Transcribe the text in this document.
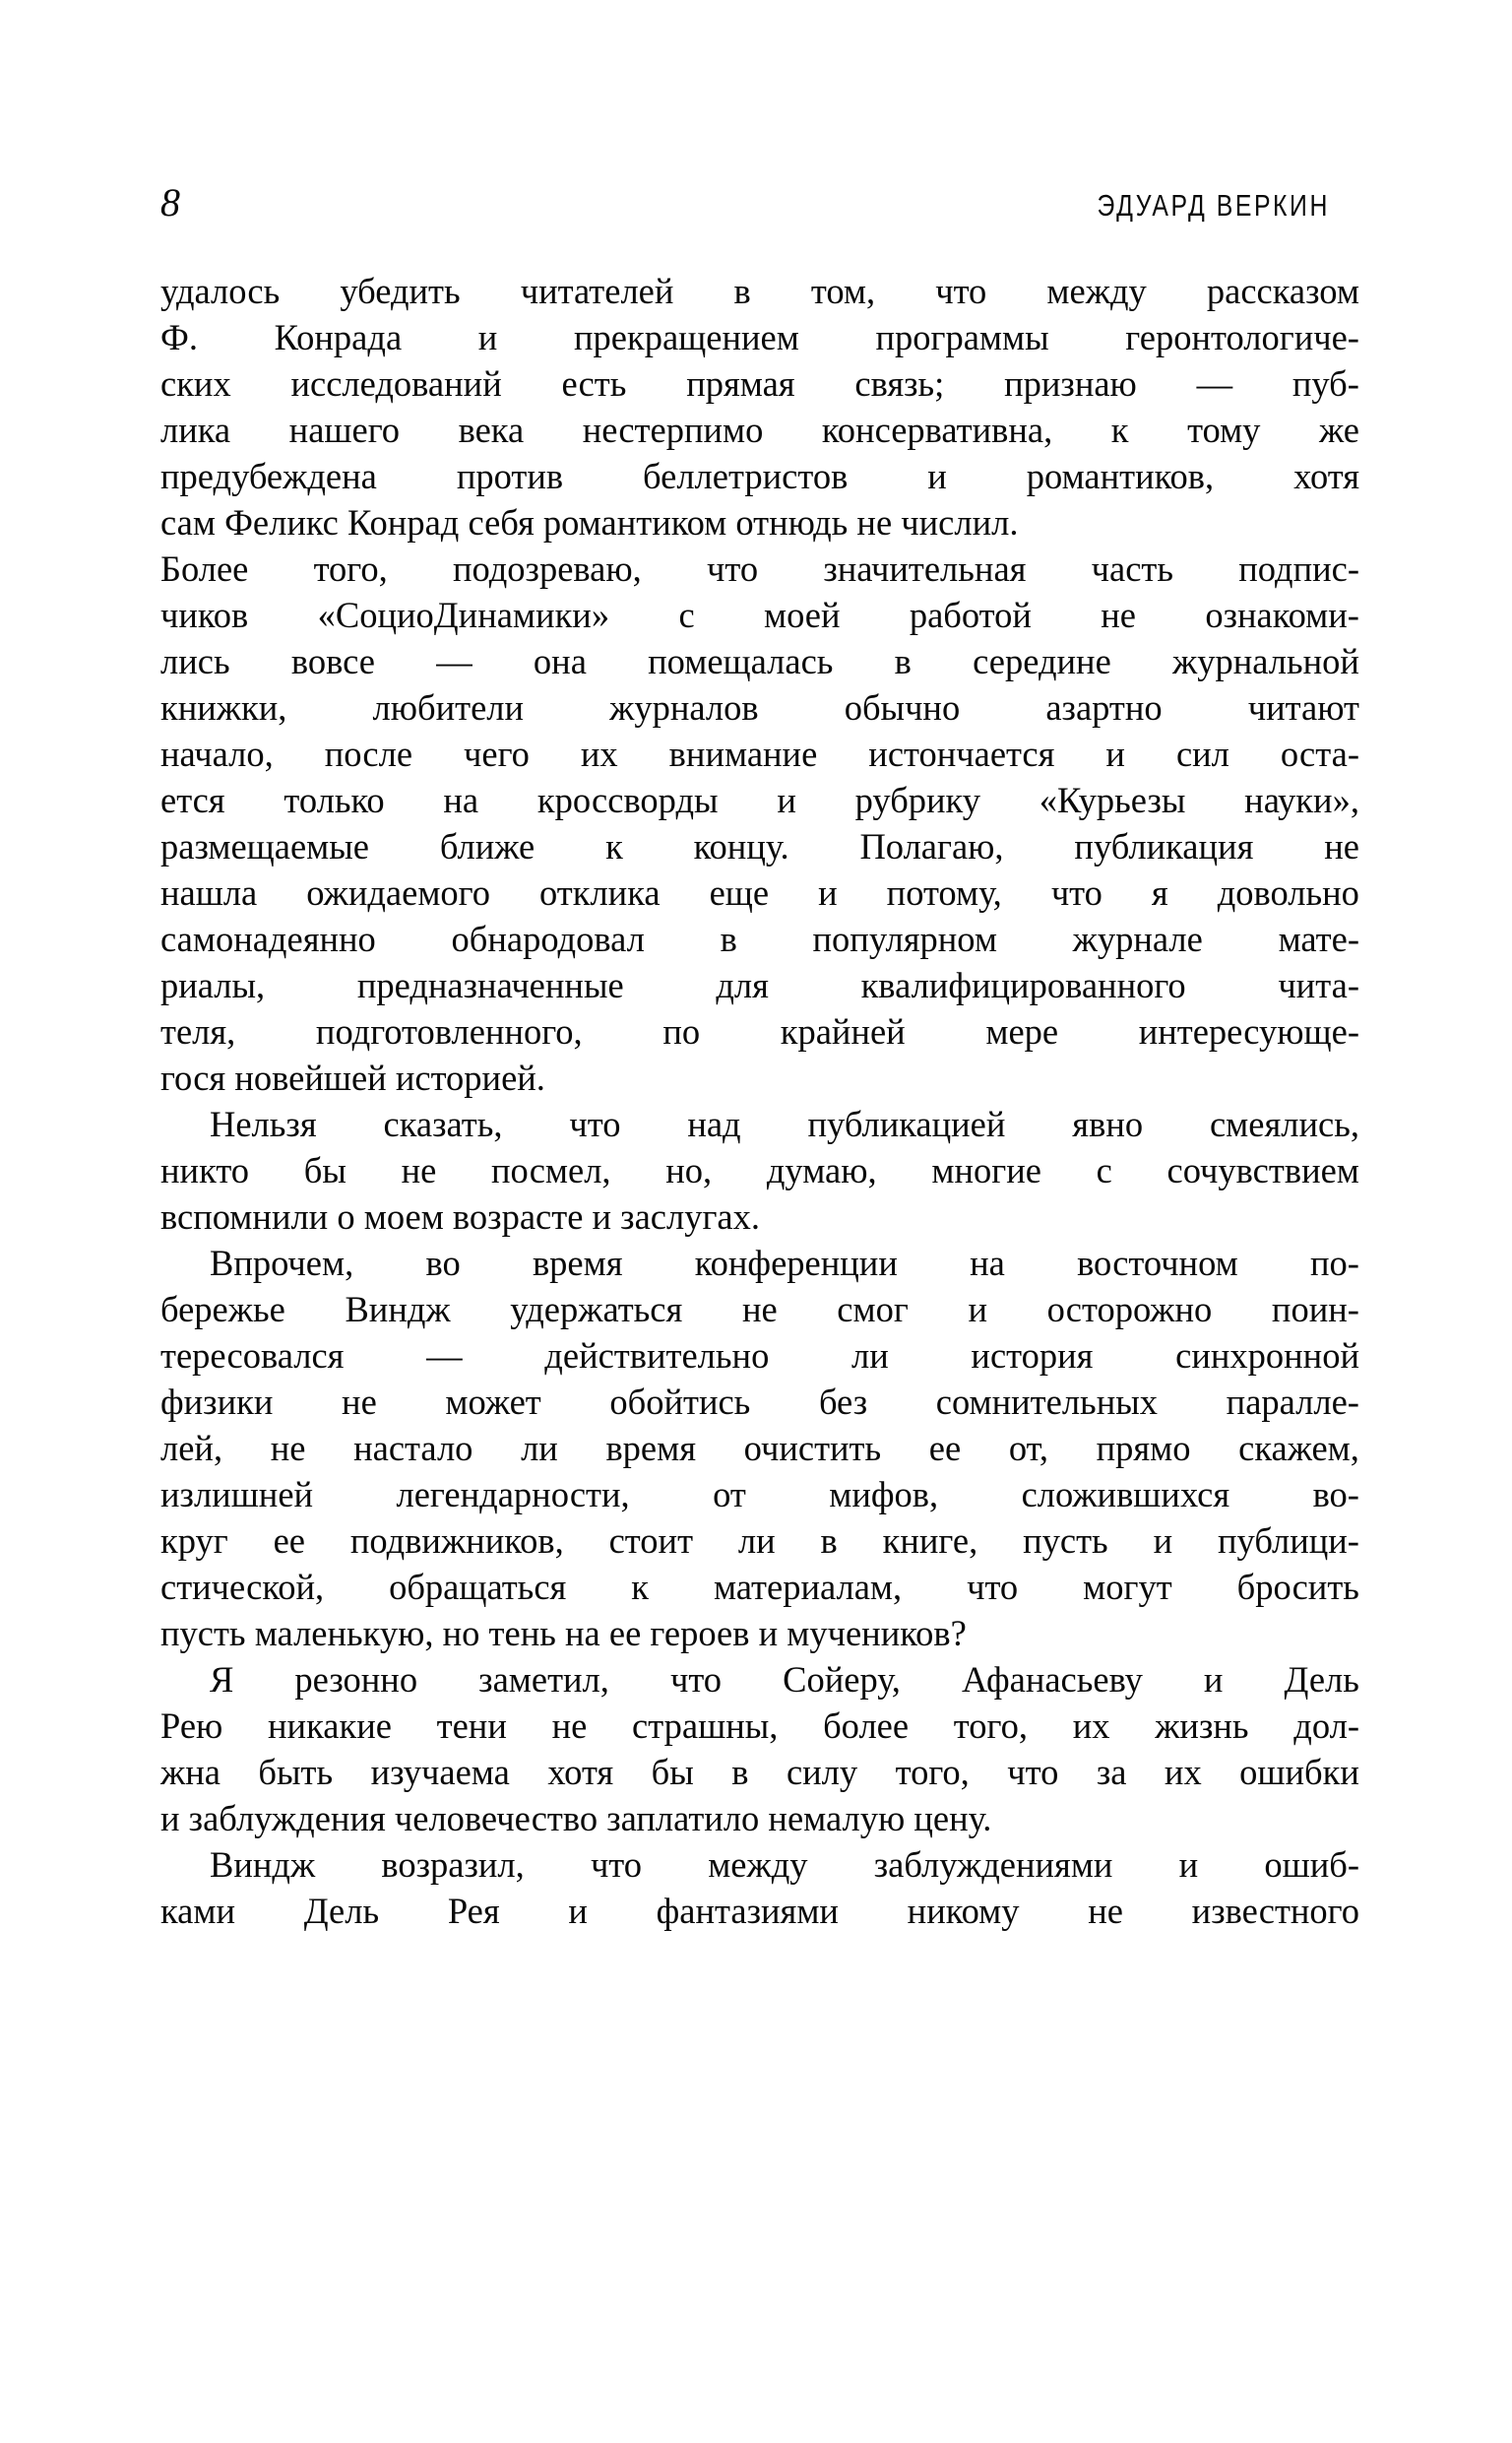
8	ЭДУАРД ВЕРКИН
удалось убедить читателей в том, что между рассказом
Ф. Конрада и прекращением программы геронтологиче-
ских исследований есть прямая связь; признаю — пуб-
лика нашего века нестерпимо консервативна, к тому же
предубеждена против беллетристов и романтиков, хотя
сам Феликс Конрад себя романтиком отнюдь не числил.
Более того, подозреваю, что значительная часть подпис-
чиков «СоциоДинамики» с моей работой не ознакоми-
лись вовсе — она помещалась в середине журнальной
книжки, любители журналов обычно азартно читают
начало, после чего их внимание истончается и сил оста-
ется только на кроссворды и рубрику «Курьезы науки»,
размещаемые ближе к концу. Полагаю, публикация не
нашла ожидаемого отклика еще и потому, что я довольно
самонадеянно обнародовал в популярном журнале мате-
риалы,	предназначенные	для	квалифицированного	чита-
теля, подготовленного, по крайней мере интересующе-
гося новейшей историей.
Нельзя сказать, что над публикацией явно смеялись,
никто бы не посмел, но, думаю, многие с сочувствием
вспомнили о моем возрасте и заслугах.
Впрочем, во время конференции на восточном по-
бережье Виндж удержаться не смог и осторожно поин-
тересовался — действительно ли история синхронной
физики не может обойтись без сомнительных паралле-
лей, не настало ли время очистить ее от, прямо скажем,
излишней легендарности, от мифов, сложившихся во-
круг ее подвижников, стоит ли в книге, пусть и публици-
стической, обращаться к материалам, что могут бросить
пусть маленькую, но тень на ее героев и мучеников?
Я резонно заметил, что Сойеру, Афанасьеву и Дель
Рею никакие тени не страшны, более того, их жизнь дол-
жна быть изучаема хотя бы в силу того, что за их ошибки
и заблуждения человечество заплатило немалую цену.
Виндж возразил, что между заблуждениями и ошиб-
ками Дель Рея и фантазиями никому не известного
